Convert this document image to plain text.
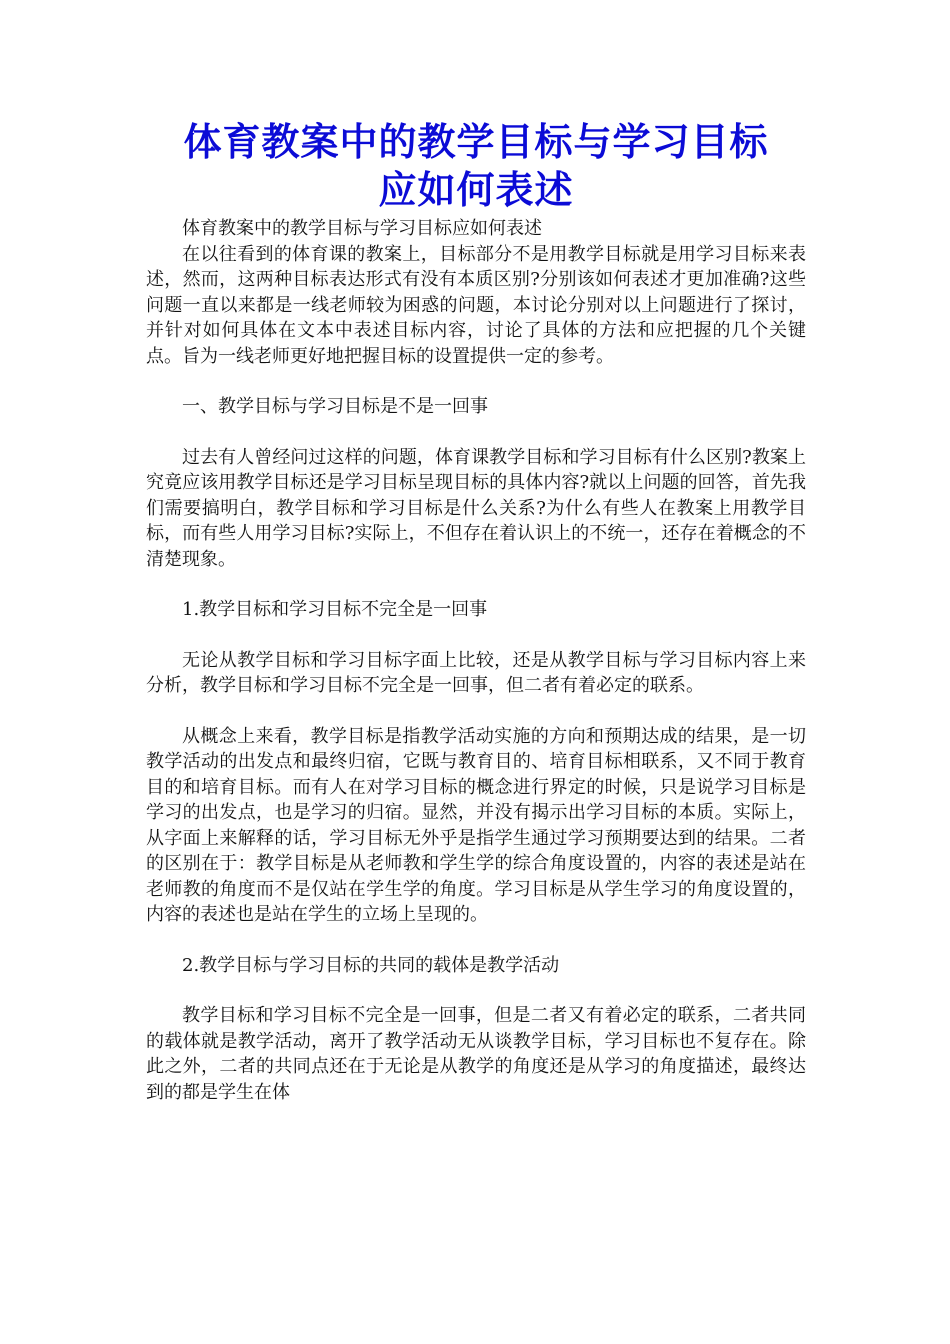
体育教案中的教学目标与学习目标
应如何表述

体育教案中的教学目标与学习目标应如何表述

在以往看到的体育课的教案上，目标部分不是用教学目标就是用学习目标来表述，然而，这两种目标表达形式有没有本质区别?分别该如何表述才更加准确?这些问题一直以来都是一线老师较为困惑的问题，本讨论分别对以上问题进行了探讨，并针对如何具体在文本中表述目标内容，讨论了具体的方法和应把握的几个关键点。旨为一线老师更好地把握目标的设置提供一定的参考。

一、教学目标与学习目标是不是一回事

过去有人曾经问过这样的问题，体育课教学目标和学习目标有什么区别?教案上究竟应该用教学目标还是学习目标呈现目标的具体内容?就以上问题的回答，首先我们需要搞明白，教学目标和学习目标是什么关系?为什么有些人在教案上用教学目标，而有些人用学习目标?实际上，不但存在着认识上的不统一，还存在着概念的不清楚现象。

1.教学目标和学习目标不完全是一回事

无论从教学目标和学习目标字面上比较，还是从教学目标与学习目标内容上来分析，教学目标和学习目标不完全是一回事，但二者有着必定的联系。

从概念上来看，教学目标是指教学活动实施的方向和预期达成的结果，是一切教学活动的出发点和最终归宿，它既与教育目的、培育目标相联系，又不同于教育目的和培育目标。而有人在对学习目标的概念进行界定的时候，只是说学习目标是学习的出发点，也是学习的归宿。显然，并没有揭示出学习目标的本质。实际上，从字面上来解释的话，学习目标无外乎是指学生通过学习预期要达到的结果。二者的区别在于：教学目标是从老师教和学生学的综合角度设置的，内容的表述是站在老师教的角度而不是仅站在学生学的角度。学习目标是从学生学习的角度设置的，内容的表述也是站在学生的立场上呈现的。

2.教学目标与学习目标的共同的载体是教学活动

教学目标和学习目标不完全是一回事，但是二者又有着必定的联系，二者共同的载体就是教学活动，离开了教学活动无从谈教学目标，学习目标也不复存在。除此之外，二者的共同点还在于无论是从教学的角度还是从学习的角度描述，最终达到的都是学生在体
